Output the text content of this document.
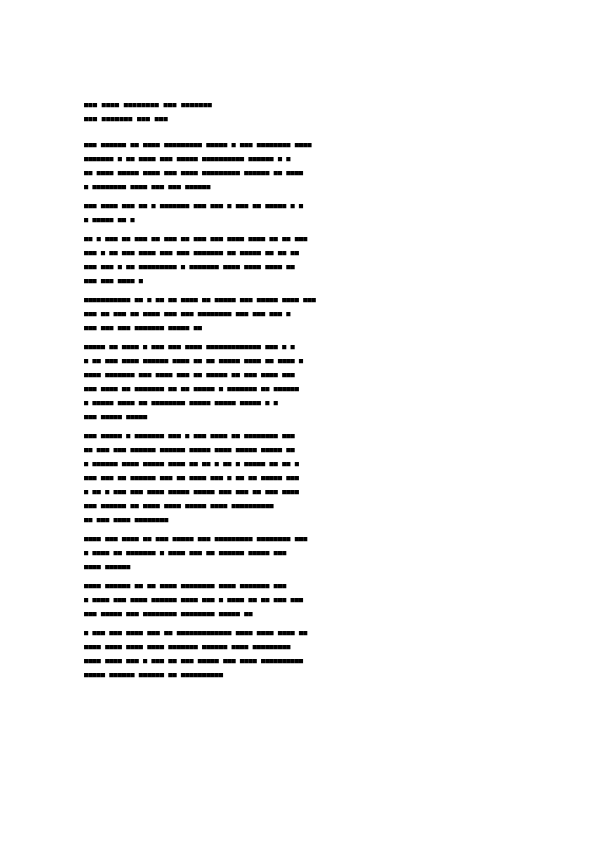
■■■ ■■■■ ■■■■■■■■ ■■■ ■■■■■■■
■■■ ■■■■■■■ ■■■ ■■■
■■■ ■■■■■■ ■■ ■■■■ ■■■■■■■■■ ■■■■■ ■ ■■■ ■■■■■■■■ ■■■■
■■■■■■■ ■ ■■ ■■■■ ■■■ ■■■■■ ■■■■■■■■■■ ■■■■■■ ■ ■
■■ ■■■■ ■■■■■ ■■■■ ■■■ ■■■■ ■■■■■■■■■ ■■■■■■ ■■ ■■■■
■ ■■■■■■■■ ■■■■ ■■■ ■■■ ■■■■■■
■■■ ■■■■ ■■■ ■■ ■ ■■■■■■■ ■■■ ■■■ ■ ■■■ ■■ ■■■■■ ■ ■
■ ■■■■■ ■■ ■
■■ ■ ■■■ ■■ ■■■ ■■ ■■■ ■■ ■■■ ■■■ ■■■■ ■■■■ ■■ ■■ ■■■
■■■ ■ ■■ ■■■ ■■■■ ■■■ ■■■ ■■■■■■■ ■■ ■■■■■ ■■ ■■ ■■
■■■ ■■■ ■ ■■ ■■■■■■■■■ ■ ■■■■■■■ ■■■■ ■■■■ ■■■■ ■■
■■■ ■■■ ■■■■ ■
■■■■■■■■■■■ ■■ ■ ■■ ■■ ■■■■ ■■ ■■■■■ ■■■ ■■■■■ ■■■■ ■■■
■■■ ■■ ■■■ ■■ ■■■■ ■■■ ■■■ ■■■■■■■■ ■■■ ■■■ ■■■ ■
■■■ ■■■ ■■■ ■■■■■■■ ■■■■■ ■■
■■■■■ ■■ ■■■■ ■ ■■■ ■■■ ■■■■ ■■■■■■■■■■■■■ ■■■ ■ ■
■ ■■ ■■■ ■■■■ ■■■■■■ ■■■■ ■■ ■■ ■■■■■ ■■■■ ■■ ■■■■ ■
■■■■ ■■■■■■■ ■■■ ■■■■ ■■■ ■■ ■■■■■ ■■ ■■■ ■■■■ ■■■
■■■ ■■■■ ■■ ■■■■■■■ ■■ ■■ ■■■■■ ■ ■■■■■■■ ■■ ■■■■■■
■ ■■■■■ ■■■■ ■■ ■■■■■■■■ ■■■■■ ■■■■■ ■■■■■ ■ ■
■■■ ■■■■■ ■■■■■
■■■ ■■■■■ ■ ■■■■■■■ ■■■ ■ ■■■ ■■■■ ■■ ■■■■■■■■ ■■■
■■ ■■■ ■■■ ■■■■■■ ■■■■■■ ■■■■■ ■■■■ ■■■■■ ■■■■■ ■■
■ ■■■■■■ ■■■■ ■■■■■ ■■■■ ■■ ■■ ■ ■■ ■ ■■■■■ ■■ ■■ ■
■■■ ■■■ ■■ ■■■■■■ ■■■ ■■ ■■■■ ■■■ ■ ■■ ■■ ■■■■■ ■■■
■ ■■ ■ ■■■ ■■■ ■■■■ ■■■■■ ■■■■■ ■■■ ■■■ ■■ ■■■ ■■■■
■■■ ■■■■■■ ■■ ■■■■ ■■■■ ■■■■■ ■■■■ ■■■■■■■■■■
■■ ■■■ ■■■■ ■■■■■■■■
■■■■ ■■■ ■■■■ ■■ ■■■ ■■■■■ ■■■ ■■■■■■■■■ ■■■■■■■■ ■■■
■ ■■■■ ■■ ■■■■■■■ ■ ■■■■ ■■■ ■■ ■■■■■■ ■■■■■ ■■■
■■■■ ■■■■■■
■■■■ ■■■■■■ ■■ ■■ ■■■■ ■■■■■■■■ ■■■■ ■■■■■■■ ■■■
■ ■■■■ ■■■ ■■■■ ■■■■■■ ■■■■ ■■■ ■ ■■■■ ■■ ■■ ■■■ ■■■
■■■ ■■■■■ ■■■ ■■■■■■■■ ■■■■■■■■ ■■■■■ ■■
■ ■■■ ■■■ ■■■■ ■■■ ■■ ■■■■■■■■■■■■■ ■■■■ ■■■■ ■■■■ ■■
■■■■ ■■■■ ■■■■ ■■■■ ■■■■■■■ ■■■■■■ ■■■■ ■■■■■■■■■
■■■■ ■■■■ ■■■ ■ ■■■ ■■ ■■■ ■■■■■ ■■■ ■■■■ ■■■■■■■■■■
■■■■■ ■■■■■■ ■■■■■■ ■■ ■■■■■■■■■■
